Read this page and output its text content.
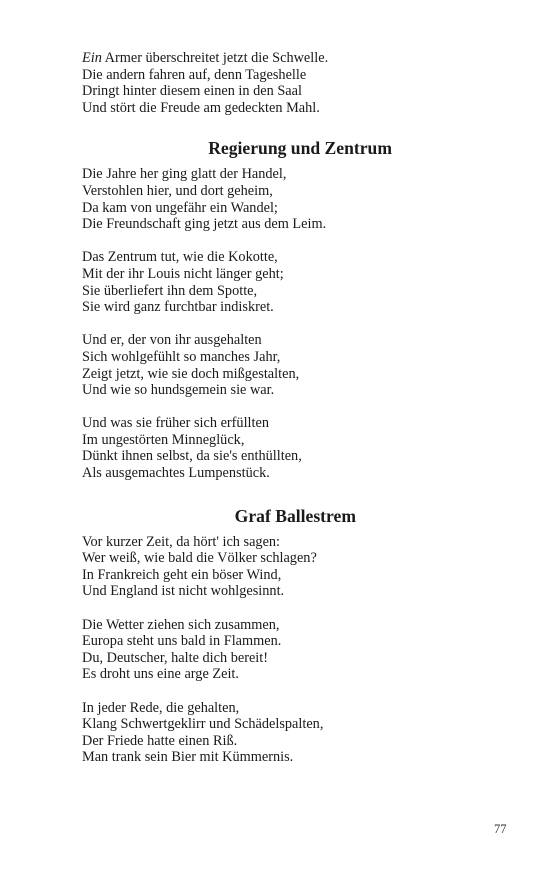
Ein Armer überschreitet jetzt die Schwelle.

Die andern fahren auf, denn Tageshelle

Dringt hinter diesem einen in den Saal

Und stört die Freude am gedeckten Mahl.

Regierung und Zentrum

Die Jahre her ging glatt der Handel,

Verstohlen hier, und dort geheim,

Da kam von ungefähr ein Wandel;

Die Freundschaft ging jetzt aus dem Leim.

Das Zentrum tut, wie die Kokotte,

Mit der ihr Louis nicht länger geht;

Sie überliefert ihn dem Spotte,

Sie wird ganz furchtbar indiskret.

Und er, der von ihr ausgehalten

Sich wohlgefühlt so manches Jahr,

Zeigt jetzt, wie sie doch mißgestalten,

Und wie so hundsgemein sie war.

Und was sie früher sich erfüllten

Im ungestörten Minneglück,

Dünkt ihnen selbst, da sie's enthüllten,

Als ausgemachtes Lumpenstück.

Graf Ballestrem

Vor kurzer Zeit, da hört' ich sagen:

Wer weiß, wie bald die Völker schlagen?

In Frankreich geht ein böser Wind,

Und England ist nicht wohlgesinnt.

Die Wetter ziehen sich zusammen,

Europa steht uns bald in Flammen.

Du, Deutscher, halte dich bereit!

Es droht uns eine arge Zeit.

In jeder Rede, die gehalten,

Klang Schwertgeklirr und Schädelspalten,

Der Friede hatte einen Riß.

Man trank sein Bier mit Kümmernis.

77
